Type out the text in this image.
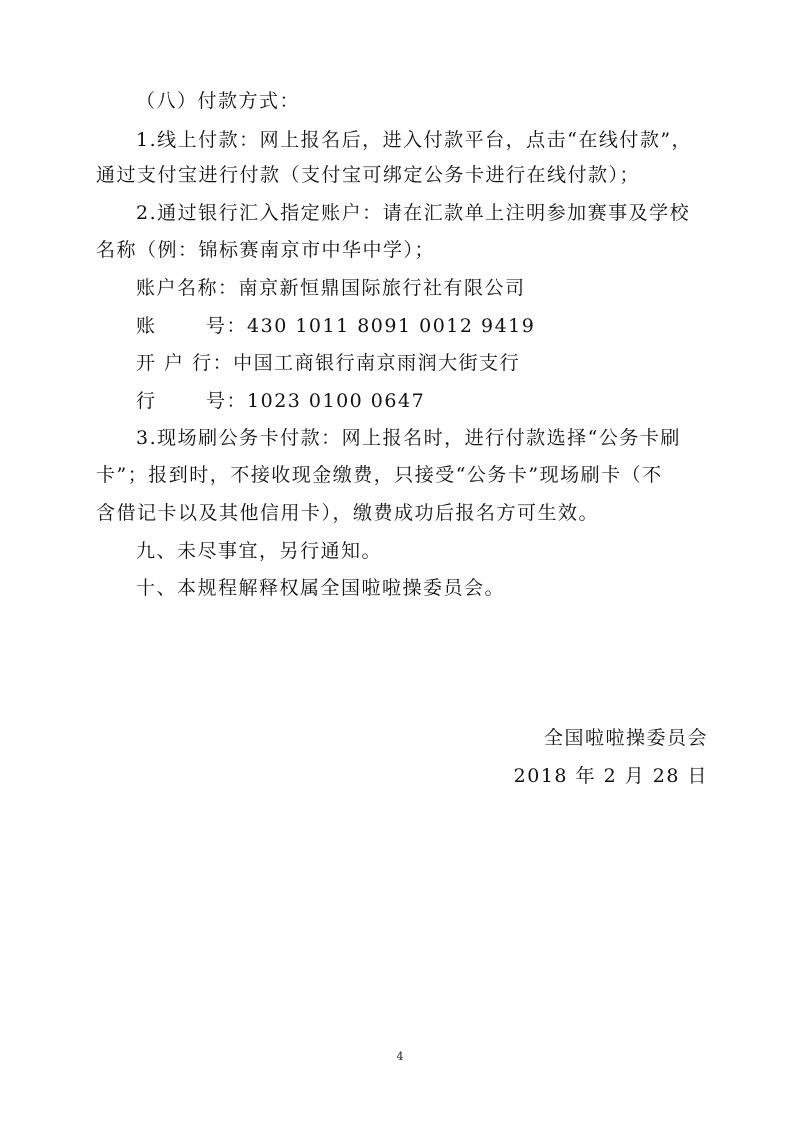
（八）付款方式：
1.线上付款：网上报名后，进入付款平台，点击“在线付款”，
通过支付宝进行付款（支付宝可绑定公务卡进行在线付款）；
2.通过银行汇入指定账户：请在汇款单上注明参加赛事及学校
名称（例：锦标赛南京市中华中学）；
账户名称：南京新恒鼎国际旅行社有限公司
账	号：430 1011 8091 0012 9419
开 户 行：中国工商银行南京雨润大街支行
行	号：1023 0100 0647
3.现场刷公务卡付款：网上报名时，进行付款选择“公务卡刷
卡”；报到时，不接收现金缴费，只接受“公务卡”现场刷卡（不
含借记卡以及其他信用卡），缴费成功后报名方可生效。
九、未尽事宜，另行通知。
十、本规程解释权属全国啦啦操委员会。
全国啦啦操委员会
2018 年 2 月 28 日
4
